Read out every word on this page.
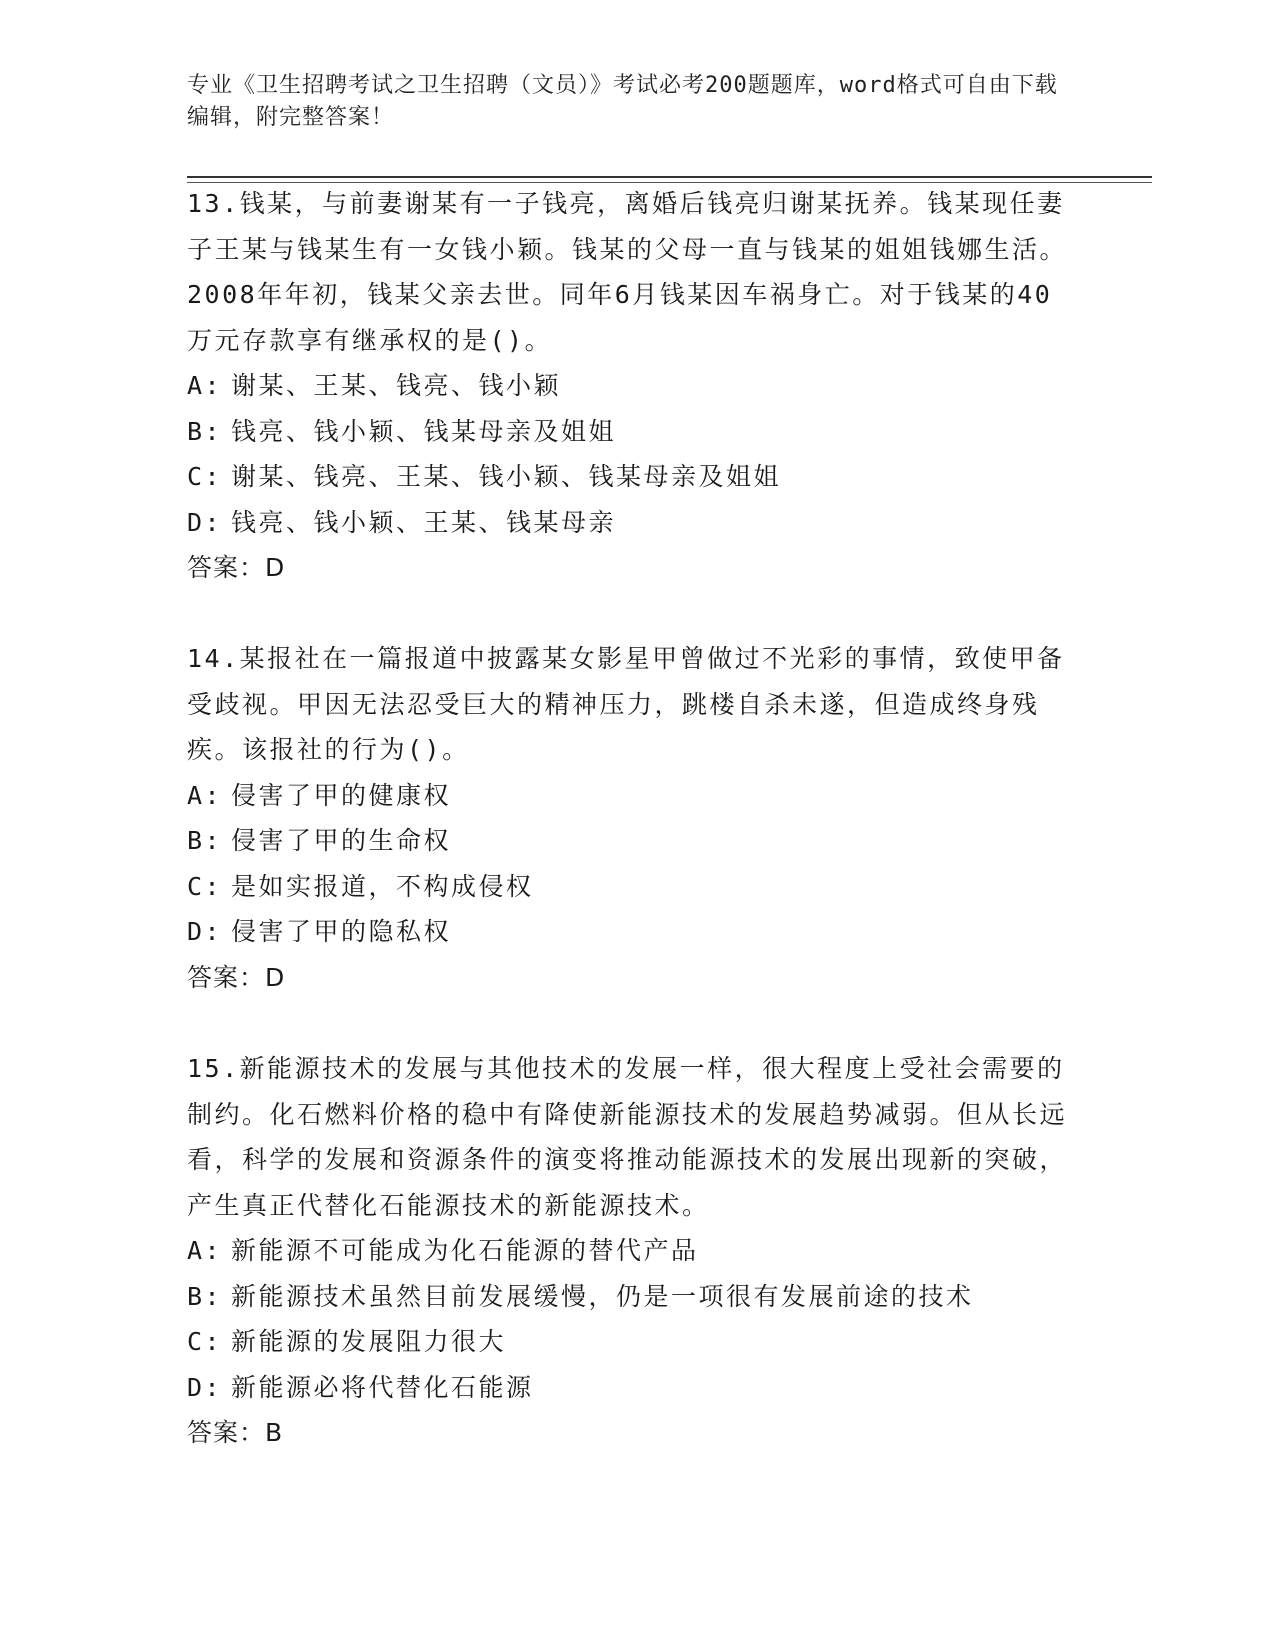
专业《卫生招聘考试之卫生招聘（文员）》考试必考200题题库，word格式可自由下载编辑，附完整答案！

13.钱某，与前妻谢某有一子钱亮，离婚后钱亮归谢某抚养。钱某现任妻子王某与钱某生有一女钱小颖。钱某的父母一直与钱某的姐姐钱娜生活。2008年年初，钱某父亲去世。同年6月钱某因车祸身亡。对于钱某的40万元存款享有继承权的是()。

A: 谢某、王某、钱亮、钱小颖

B: 钱亮、钱小颖、钱某母亲及姐姐

C: 谢某、钱亮、王某、钱小颖、钱某母亲及姐姐

D: 钱亮、钱小颖、王某、钱某母亲

答案：D

14.某报社在一篇报道中披露某女影星甲曾做过不光彩的事情，致使甲备受歧视。甲因无法忍受巨大的精神压力，跳楼自杀未遂，但造成终身残疾。该报社的行为()。

A: 侵害了甲的健康权

B: 侵害了甲的生命权

C: 是如实报道，不构成侵权

D: 侵害了甲的隐私权

答案：D

15.新能源技术的发展与其他技术的发展一样，很大程度上受社会需要的制约。化石燃料价格的稳中有降使新能源技术的发展趋势减弱。但从长远看，科学的发展和资源条件的演变将推动能源技术的发展出现新的突破，产生真正代替化石能源技术的新能源技术。

A: 新能源不可能成为化石能源的替代产品

B: 新能源技术虽然目前发展缓慢，仍是一项很有发展前途的技术

C: 新能源的发展阻力很大

D: 新能源必将代替化石能源

答案：B
